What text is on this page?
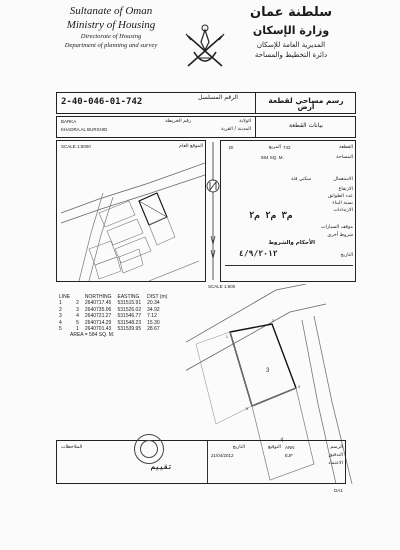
Sultanate of Oman
Ministry of Housing
Directorate of Housing
Department of planning and survey
سلطنة عمان
وزارة الإسكان
المديرية العامة للإسكان
دائرة التخطيط والمساحة
الرقم المسلسل
2-40-046-01-742	رسم مساحي لقطعة أرض
BARKA
KHADRA AL BURSHID
رقم الخريطة	الولاية
المدينة / القرية
بيانات القطعة
SCALE 1:5000	الموقع العام	742	القطعة
DI	المربع
584 SQ. M.	المساحة
سكني فئة	الاستعمال
الارتفاع
عدد الطوابق
نسبة البناء
الارتدادات
م٣ م٢ م٢
موقف السيارات
شروط أخرى
الأحكام والشروط
التاريخ
٤/٩/٢٠١٢
SCALE 1:600
LINE		NORTHING	EASTING	DIST (m)
1	2	2640717.45	531515.91	20.34
2	3	2640735.06	531526.02	34.92
3	4	2640721.27	531546.77	7.12
4	5	2640714.29	531548.23	15.30
5	1	2640701.43	531539.95	28.67
AREA = 584 SQ. M.
3
4
1
2
3
5
الملاحظات
تقييم
التاريخ	التوقيع ANN	الرسم
21/04/2012	EJF	التدقيق
الاعتماد
DA1
